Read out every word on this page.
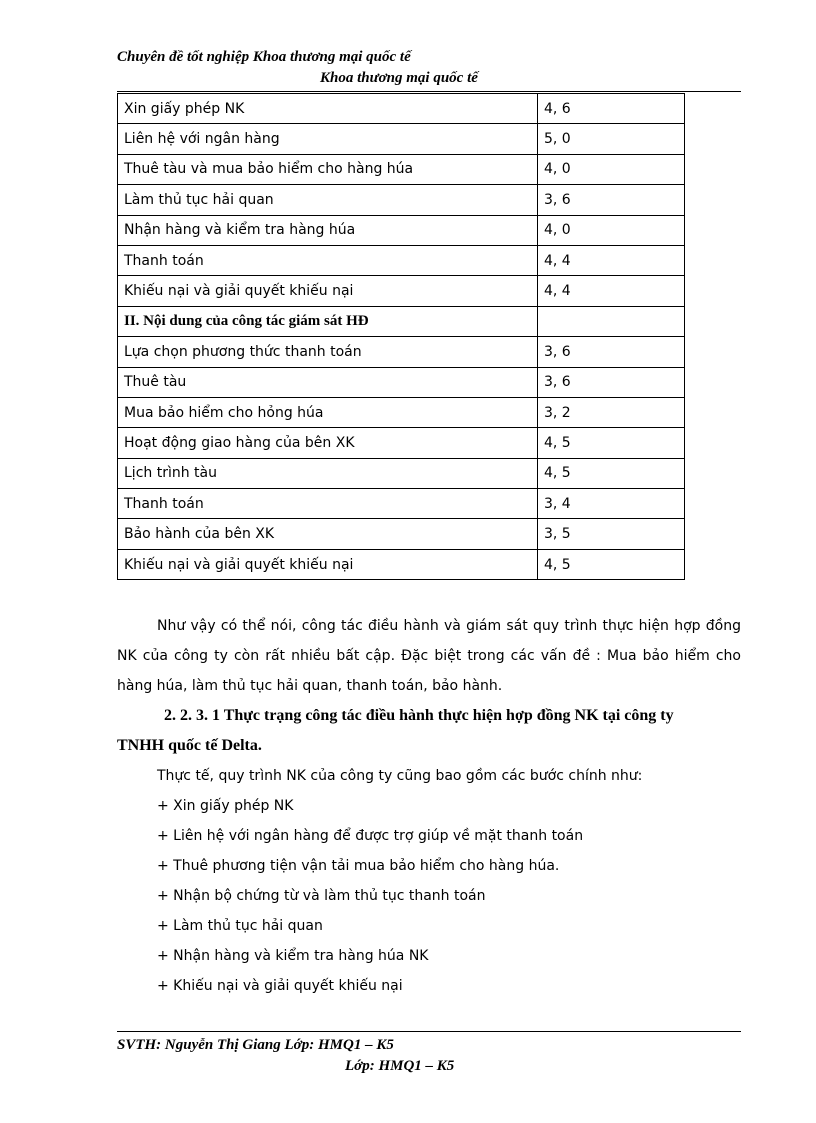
Chuyên đề tốt nghiệp Khoa thương mại quốc tế
Khoa thương mại quốc tế
Xin giấy phép NK	4, 6
Liên hệ với ngân hàng	5, 0
Thuê tàu và mua bảo hiểm cho hàng húa	4, 0
Làm thủ tục hải quan	3, 6
Nhận hàng và kiểm tra hàng húa	4, 0
Thanh toán	4, 4
Khiếu nại và giải quyết khiếu nại	4, 4
II. Nội dung của công tác giám sát HĐ	
Lựa chọn phương thức thanh toán	3, 6
Thuê tàu	3, 6
Mua bảo hiểm cho hỏng húa	3, 2
Hoạt động giao hàng của bên XK	4, 5
Lịch trình tàu	4, 5
Thanh toán	3, 4
Bảo hành của bên XK	3, 5
Khiếu nại và giải quyết khiếu nại	4, 5

Như vậy có thể nói, công tác điều hành và giám sát quy trình thực hiện hợp đồng NK của công ty còn rất nhiều bất cập. Đặc biệt trong các vấn đề : Mua bảo hiểm cho hàng húa, làm thủ tục hải quan, thanh toán, bảo hành.

2. 2. 3. 1 Thực trạng công tác điều hành thực hiện hợp đồng NK tại công ty
TNHH quốc tế Delta.

Thực tế, quy trình NK của công ty cũng bao gồm các bước chính như:

+ Xin giấy phép NK
+ Liên hệ với ngân hàng để được trợ giúp về mặt thanh toán
+ Thuê phương tiện vận tải mua bảo hiểm cho hàng húa.
+ Nhận bộ chứng từ và làm thủ tục thanh toán
+ Làm thủ tục hải quan
+ Nhận hàng và kiểm tra hàng húa NK
+ Khiếu nại và giải quyết khiếu nại
SVTH: Nguyễn Thị Giang Lớp: HMQ1 – K5
Lớp: HMQ1 – K5
